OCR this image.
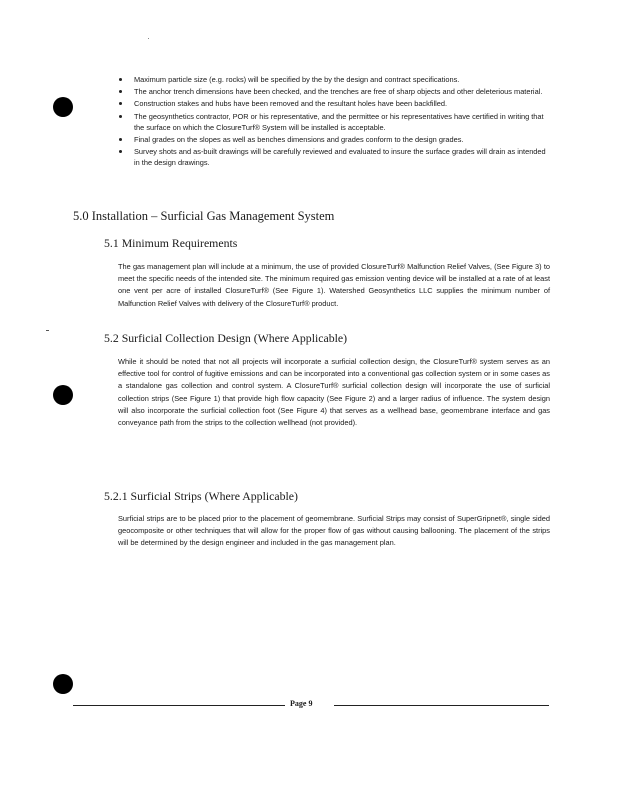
Maximum particle size (e.g. rocks) will be specified by the by the design and contract specifications.
The anchor trench dimensions have been checked, and the trenches are free of sharp objects and other deleterious material.
Construction stakes and hubs have been removed and the resultant holes have been backfilled.
The geosynthetics contractor, POR or his representative, and the permittee or his representatives have certified in writing that the surface on which the ClosureTurf® System will be installed is acceptable.
Final grades on the slopes as well as benches dimensions and grades conform to the design grades.
Survey shots and as-built drawings will be carefully reviewed and evaluated to insure the surface grades will drain as intended in the design drawings.
5.0 Installation – Surficial Gas Management System
5.1 Minimum Requirements

The gas management plan will include at a minimum, the use of provided ClosureTurf® Malfunction Relief Valves, (See Figure 3) to meet the specific needs of the intended site. The minimum required gas emission venting device will be installed at a rate of at least one vent per acre of installed ClosureTurf® (See Figure 1). Watershed Geosynthetics LLC supplies the minimum number of Malfunction Relief Valves with delivery of the ClosureTurf® product.

5.2 Surficial Collection Design (Where Applicable)

While it should be noted that not all projects will incorporate a surficial collection design, the ClosureTurf® system serves as an effective tool for control of fugitive emissions and can be incorporated into a conventional gas collection system or in some cases as a standalone gas collection and control system. A ClosureTurf® surficial collection design will incorporate the use of surficial collection strips (See Figure 1) that provide high flow capacity (See Figure 2) and a larger radius of influence. The system design will also incorporate the surficial collection foot (See Figure 4) that serves as a wellhead base, geomembrane interface and gas conveyance path from the strips to the collection wellhead (not provided).

5.2.1 Surficial Strips (Where Applicable)

Surficial strips are to be placed prior to the placement of geomembrane. Surficial Strips may consist of SuperGripnet®, single sided geocomposite or other techniques that will allow for the proper flow of gas without causing ballooning. The placement of the strips will be determined by the design engineer and included in the gas management plan.

Page 9
